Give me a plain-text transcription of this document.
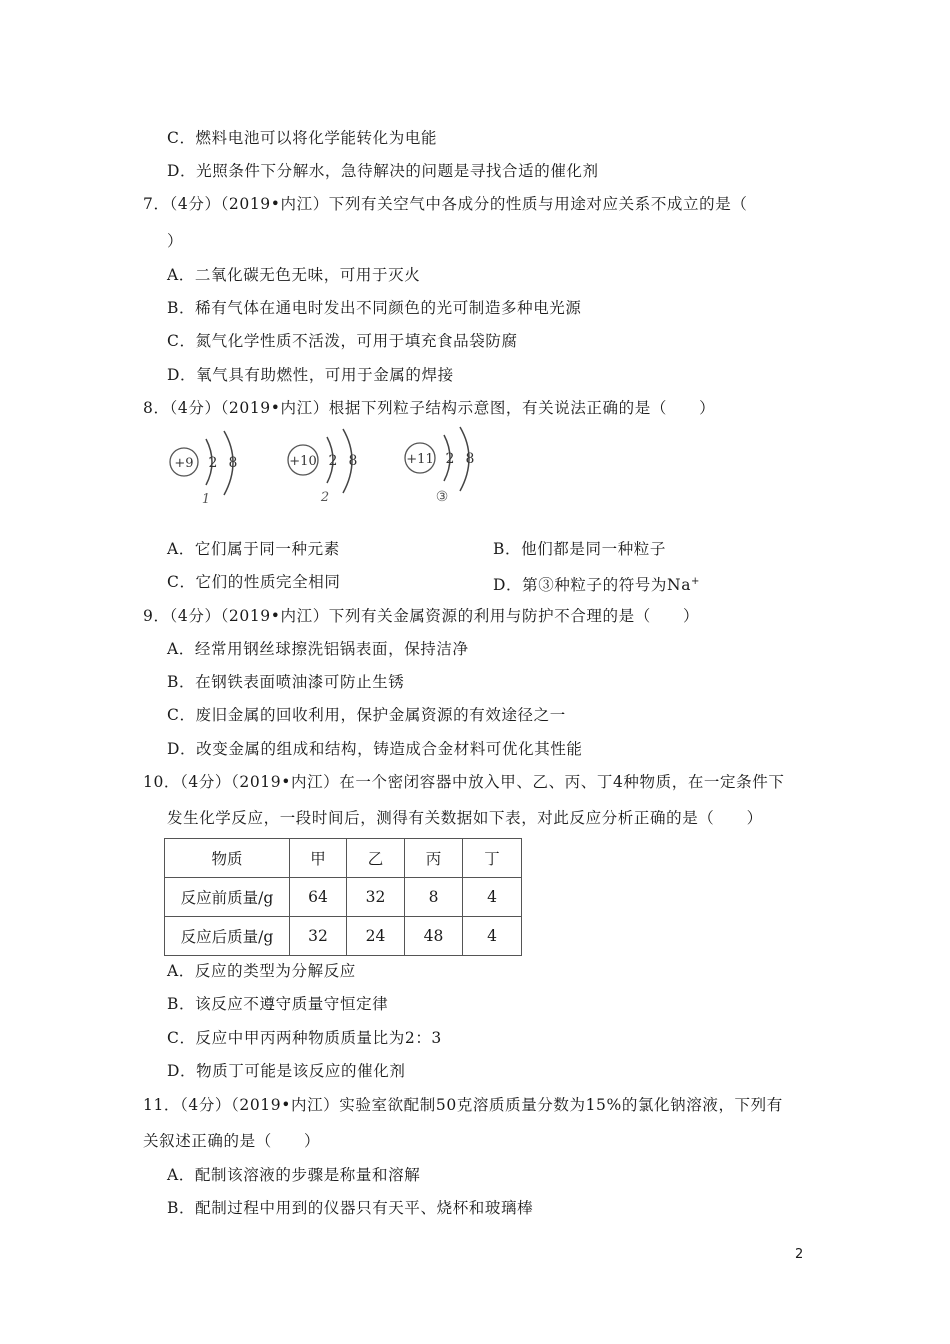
C．燃料电池可以将化学能转化为电能
D．光照条件下分解水，急待解决的问题是寻找合适的催化剂
7．（4分）（2019•内江）下列有关空气中各成分的性质与用途对应关系不成立的是（
）
A．二氧化碳无色无味，可用于灭火
B．稀有气体在通电时发出不同颜色的光可制造多种电光源
C．氮气化学性质不活泼，可用于填充食品袋防腐
D．氧气具有助燃性，可用于金属的焊接
8．（4分）（2019•内江）根据下列粒子结构示意图，有关说法正确的是（　　）
+9 2 8
1
+10 2 8
2
+11 2 8
③
A．它们属于同一种元素	B．他们都是同一种粒子
C．它们的性质完全相同	D．第③种粒子的符号为Na+
9．（4分）（2019•内江）下列有关金属资源的利用与防护不合理的是（　　）
A．经常用钢丝球擦洗铝锅表面，保持洁净
B．在钢铁表面喷油漆可防止生锈
C．废旧金属的回收利用，保护金属资源的有效途径之一
D．改变金属的组成和结构，铸造成合金材料可优化其性能
10．（4分）（2019•内江）在一个密闭容器中放入甲、乙、丙、丁4种物质，在一定条件下
发生化学反应，一段时间后，测得有关数据如下表，对此反应分析正确的是（　　）
物质	甲	乙	丙	丁
反应前质量/g	64	32	8	4
反应后质量/g	32	24	48	4
A．反应的类型为分解反应
B．该反应不遵守质量守恒定律
C．反应中甲丙两种物质质量比为2：3
D．物质丁可能是该反应的催化剂
11．（4分）（2019•内江）实验室欲配制50克溶质质量分数为15%的氯化钠溶液，下列有
关叙述正确的是（　　）
A．配制该溶液的步骤是称量和溶解
B．配制过程中用到的仪器只有天平、烧杯和玻璃棒
2
